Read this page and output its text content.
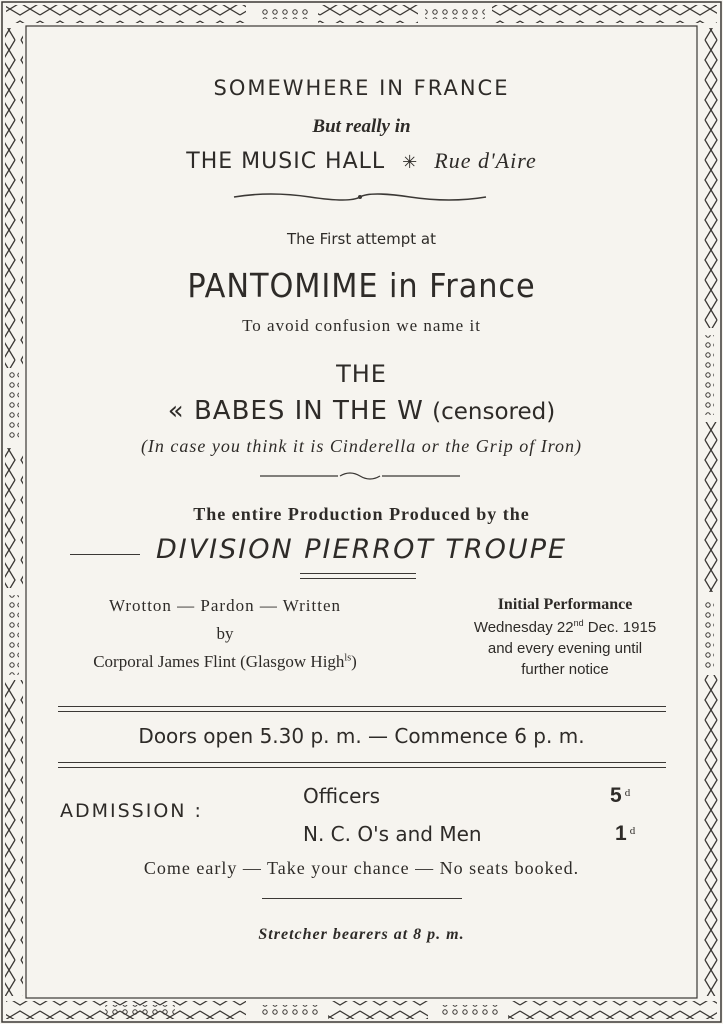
SOMEWHERE IN FRANCE
But really in
THE MUSIC HALL ✳ Rue d'Aire
The First attempt at
PANTOMIME in France
To avoid confusion we name it
THE
« BABES IN THE W (censored)
(In case you think it is Cinderella or the Grip of Iron)
The entire Production Produced by the
DIVISION PIERROT TROUPE
Wrotton — Pardon — Written
by
Corporal James Flint (Glasgow High$^{ls}$)
Initial Performance
Wednesday 22nd Dec. 1915
and every evening until
further notice
Doors open 5.30 p. m. — Commence 6 p. m.
ADMISSION :
Officers	5 $^d$
N. C. O's and Men	1 $^d$
Come early — Take your chance — No seats booked.
Stretcher bearers at 8 p. m.
